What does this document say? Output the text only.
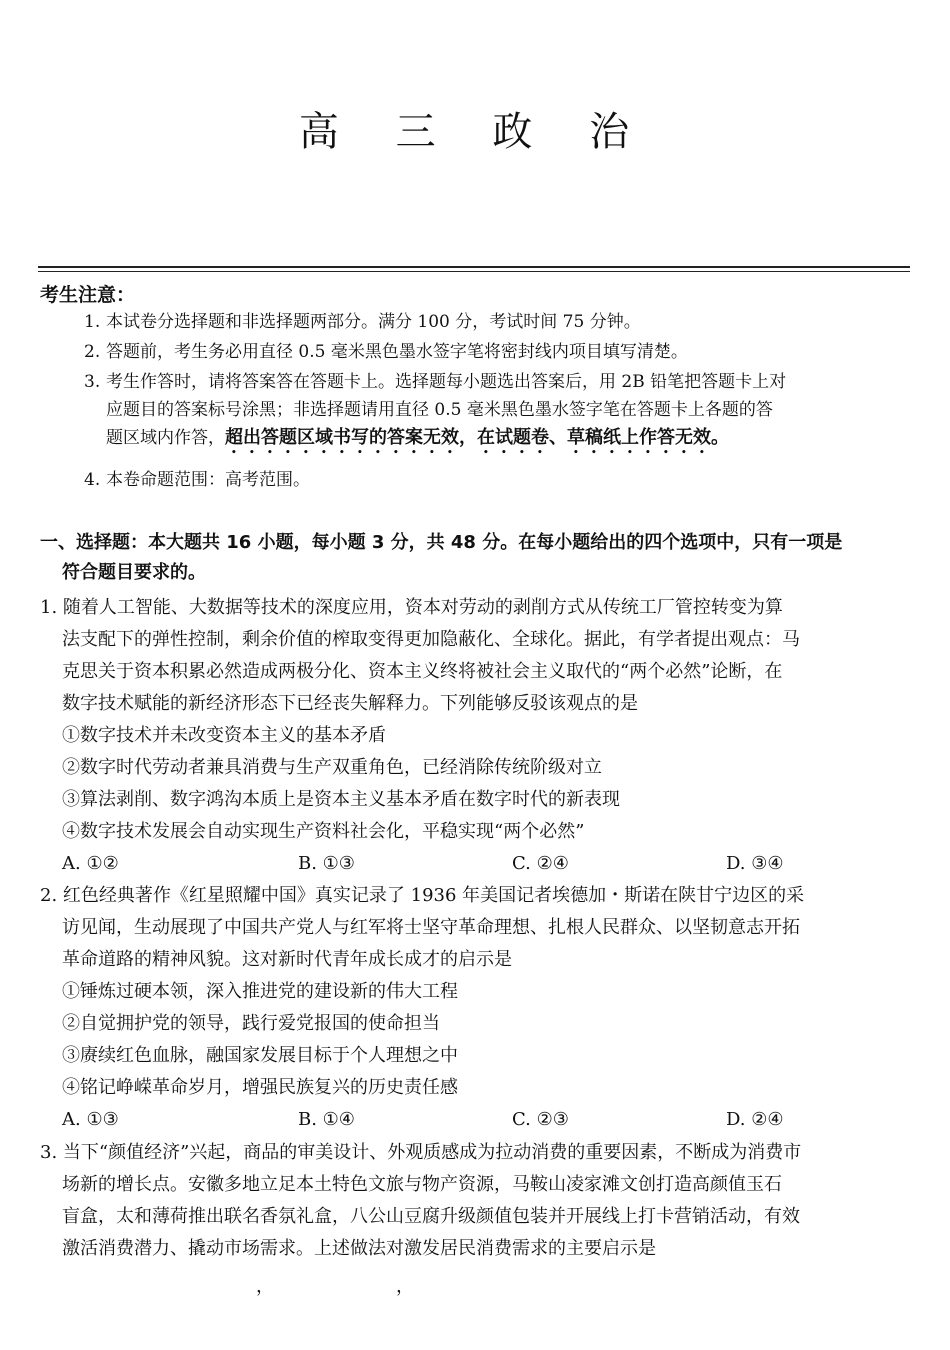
高 三 政 治
考生注意：
1. 本试卷分选择题和非选择题两部分。满分 100 分，考试时间 75 分钟。
2. 答题前，考生务必用直径 0.5 毫米黑色墨水签字笔将密封线内项目填写清楚。
3. 考生作答时，请将答案答在答题卡上。选择题每小题选出答案后，用 2B 铅笔把答题卡上对
应题目的答案标号涂黑；非选择题请用直径 0.5 毫米黑色墨水签字笔在答题卡上各题的答
题区域内作答，超出答题区域书写的答案无效，在试题卷、草稿纸上作答无效。
4. 本卷命题范围：高考范围。
一、选择题：本大题共 16 小题，每小题 3 分，共 48 分。在每小题给出的四个选项中，只有一项是
符合题目要求的。
1. 随着人工智能、大数据等技术的深度应用，资本对劳动的剥削方式从传统工厂管控转变为算
法支配下的弹性控制，剩余价值的榨取变得更加隐蔽化、全球化。据此，有学者提出观点：马
克思关于资本积累必然造成两极分化、资本主义终将被社会主义取代的“两个必然”论断，在
数字技术赋能的新经济形态下已经丧失解释力。下列能够反驳该观点的是
①数字技术并未改变资本主义的基本矛盾
②数字时代劳动者兼具消费与生产双重角色，已经消除传统阶级对立
③算法剥削、数字鸿沟本质上是资本主义基本矛盾在数字时代的新表现
④数字技术发展会自动实现生产资料社会化，平稳实现“两个必然”
A. ①②	B. ①③	C. ②④	D. ③④
2. 红色经典著作《红星照耀中国》真实记录了 1936 年美国记者埃德加・斯诺在陕甘宁边区的采
访见闻，生动展现了中国共产党人与红军将士坚守革命理想、扎根人民群众、以坚韧意志开拓
革命道路的精神风貌。这对新时代青年成长成才的启示是
①锤炼过硬本领，深入推进党的建设新的伟大工程
②自觉拥护党的领导，践行爱党报国的使命担当
③赓续红色血脉，融国家发展目标于个人理想之中
④铭记峥嵘革命岁月，增强民族复兴的历史责任感
A. ①③	B. ①④	C. ②③	D. ②④
3. 当下“颜值经济”兴起，商品的审美设计、外观质感成为拉动消费的重要因素，不断成为消费市
场新的增长点。安徽多地立足本土特色文旅与物产资源，马鞍山凌家滩文创打造高颜值玉石
盲盒，太和薄荷推出联名香氛礼盒，八公山豆腐升级颜值包装并开展线上打卡营销活动，有效
激活消费潜力、撬动市场需求。上述做法对激发居民消费需求的主要启示是
，	，
